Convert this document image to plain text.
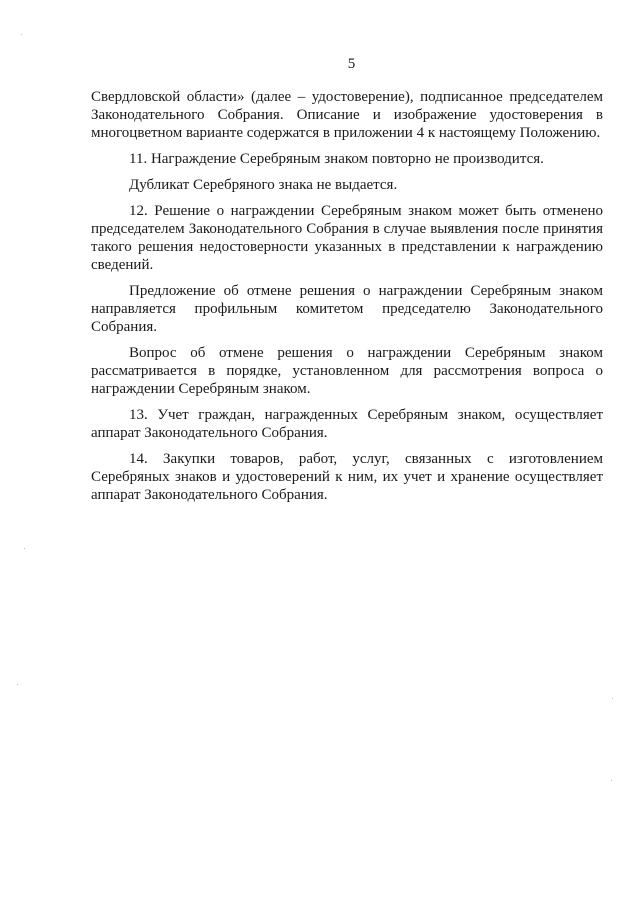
5

Свердловской области» (далее – удостоверение), подписанное председателем Законодательного Собрания. Описание и изображение удостоверения в многоцветном варианте содержатся в приложении 4 к настоящему Положению.

11. Награждение Серебряным знаком повторно не производится.

Дубликат Серебряного знака не выдается.

12. Решение о награждении Серебряным знаком может быть отменено председателем Законодательного Собрания в случае выявления после принятия такого решения недостоверности указанных в представлении к награждению сведений.

Предложение об отмене решения о награждении Серебряным знаком направляется профильным комитетом председателю Законодательного Собрания.

Вопрос об отмене решения о награждении Серебряным знаком рассматривается в порядке, установленном для рассмотрения вопроса о награждении Серебряным знаком.

13. Учет граждан, награжденных Серебряным знаком, осуществляет аппарат Законодательного Собрания.

14. Закупки товаров, работ, услуг, связанных с изготовлением Серебряных знаков и удостоверений к ним, их учет и хранение осуществляет аппарат Законодательного Собрания.
